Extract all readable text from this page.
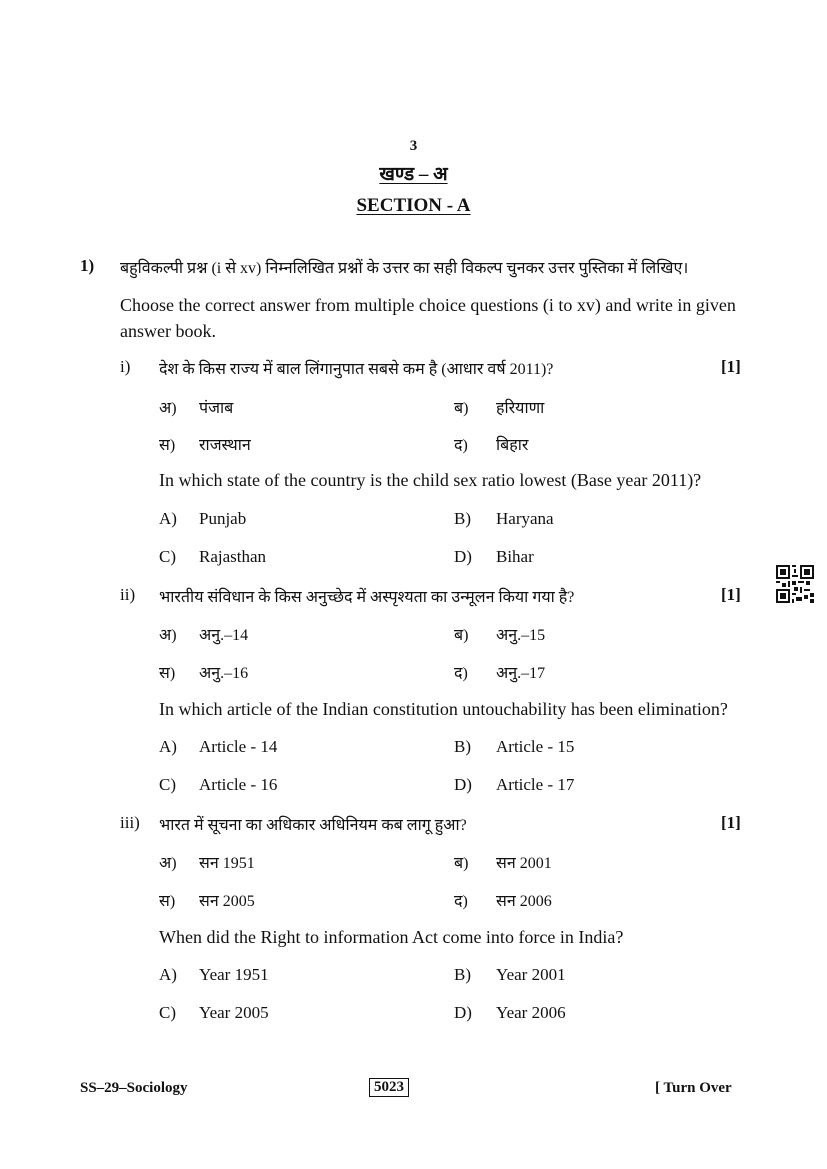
3
खण्ड – अ
SECTION - A
1) बहुविकल्पी प्रश्न (i से xv) निम्नलिखित प्रश्नों के उत्तर का सही विकल्प चुनकर उत्तर पुस्तिका में लिखिए।
Choose the correct answer from multiple choice questions (i to xv) and write in given answer book.
i) देश के किस राज्य में बाल लिंगानुपात सबसे कम है (आधार वर्ष 2011)?	[1]
अ) पंजाब	ब) हरियाणा
स) राजस्थान	द) बिहार
In which state of the country is the child sex ratio lowest (Base year 2011)?
A) Punjab	B) Haryana
C) Rajasthan	D) Bihar
ii) भारतीय संविधान के किस अनुच्छेद में अस्पृश्यता का उन्मूलन किया गया है?	[1]
अ) अनु.–14	ब) अनु.–15
स) अनु.–16	द) अनु.–17
In which article of the Indian constitution untouchability has been elimination?
A) Article - 14	B) Article - 15
C) Article - 16	D) Article - 17
iii) भारत में सूचना का अधिकार अधिनियम कब लागू हुआ?	[1]
अ) सन 1951	ब) सन 2001
स) सन 2005	द) सन 2006
When did the Right to information Act come into force in India?
A) Year 1951	B) Year 2001
C) Year 2005	D) Year 2006
SS–29–Sociology	5023	[ Turn Over
